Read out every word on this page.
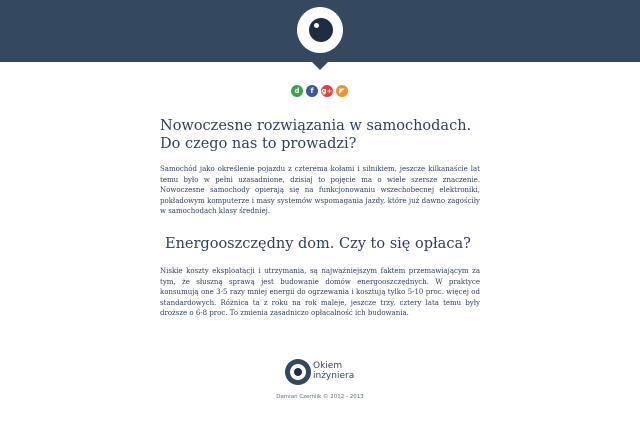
d	f	g+ ◤
Nowoczesne rozwiązania w samochodach.
Do czego nas to prowadzi?

Samochód jako określenie pojazdu z czterema kołami i silnikiem, jeszcze kilkanaście lat temu było w pełni uzasadnione, dzisiaj to pojęcie ma o wiele szersze znaczenie. Nowoczesne samochody opierają się na funkcjonowaniu wszechobecnej elektroniki, pokładowym komputerze i masy systemów wspomagania jazdy, które już dawno zagościły w samochodach klasy średniej.

Energooszczędny dom. Czy to się opłaca?

Niskie koszty eksploatacji i utrzymania, są najważniejszym faktem przemawiającym za tym, że słuszną sprawą jest budowanie domów energooszczędnych. W praktyce konsumują one 3-5 razy mniej energii do ogrzewania i kosztują tylko 5-10 proc. więcej od standardowych. Różnica ta z roku na rok maleje, jeszcze trzy, cztery lata temu były droższe o 6-8 proc. To zmienia zasadniczo opłacalność ich budowania.

Okiem
inżyniera
Damian Czerniik © 2012 - 2013
